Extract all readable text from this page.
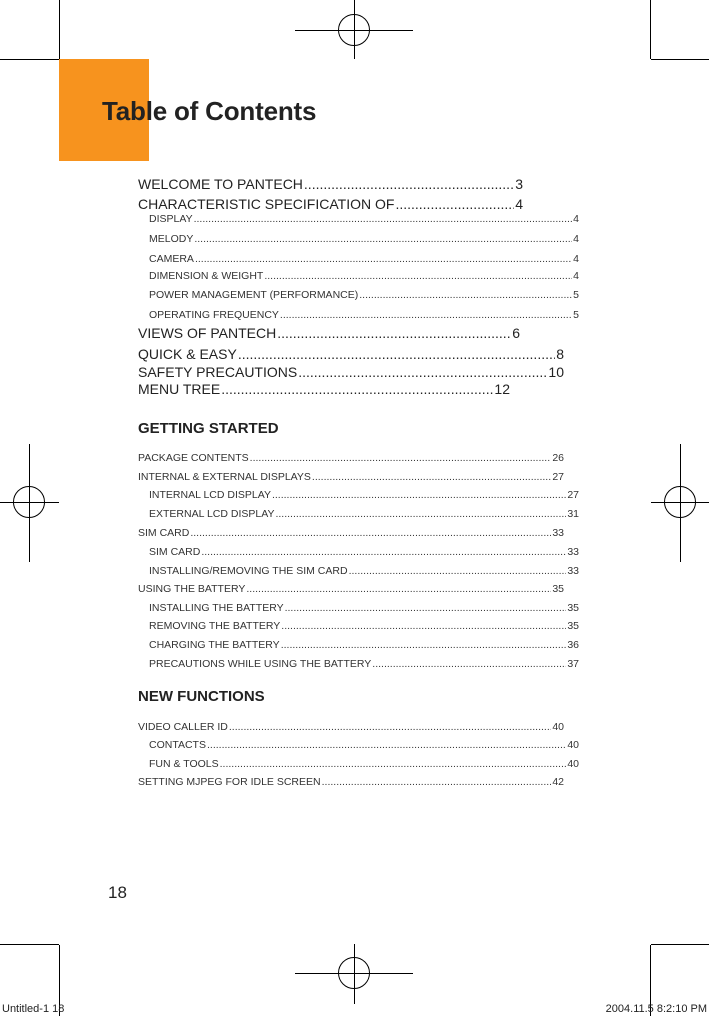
Table of Contents
WELCOME TO PANTECH .....	3
CHARACTERISTIC SPECIFICATION OF .....	4
DISPLAY .....	4
MELODY .....	4
CAMERA .....	4
DIMENSION & WEIGHT .....	4
POWER MANAGEMENT (PERFORMANCE) .....	5
OPERATING FREQUENCY .....	5
VIEWS OF PANTECH .....	6
QUICK & EASY .....	8
SAFETY PRECAUTIONS .....	10
MENU TREE .....	12
GETTING STARTED
PACKAGE CONTENTS .....	26
INTERNAL & EXTERNAL DISPLAYS .....	27
INTERNAL LCD DISPLAY .....	27
EXTERNAL LCD DISPLAY .....	31
SIM CARD .....	33
SIM CARD .....	33
INSTALLING/REMOVING THE SIM CARD .....	33
USING THE BATTERY .....	35
INSTALLING THE BATTERY .....	35
REMOVING THE BATTERY .....	35
CHARGING THE BATTERY .....	36
PRECAUTIONS WHILE USING THE BATTERY .....	37
NEW FUNCTIONS
VIDEO CALLER ID .....	40
CONTACTS .....	40
FUN & TOOLS .....	40
SETTING MJPEG FOR IDLE SCREEN .....	42
18
Untitled-1 18	2004.11.5 8:2:10 PM
